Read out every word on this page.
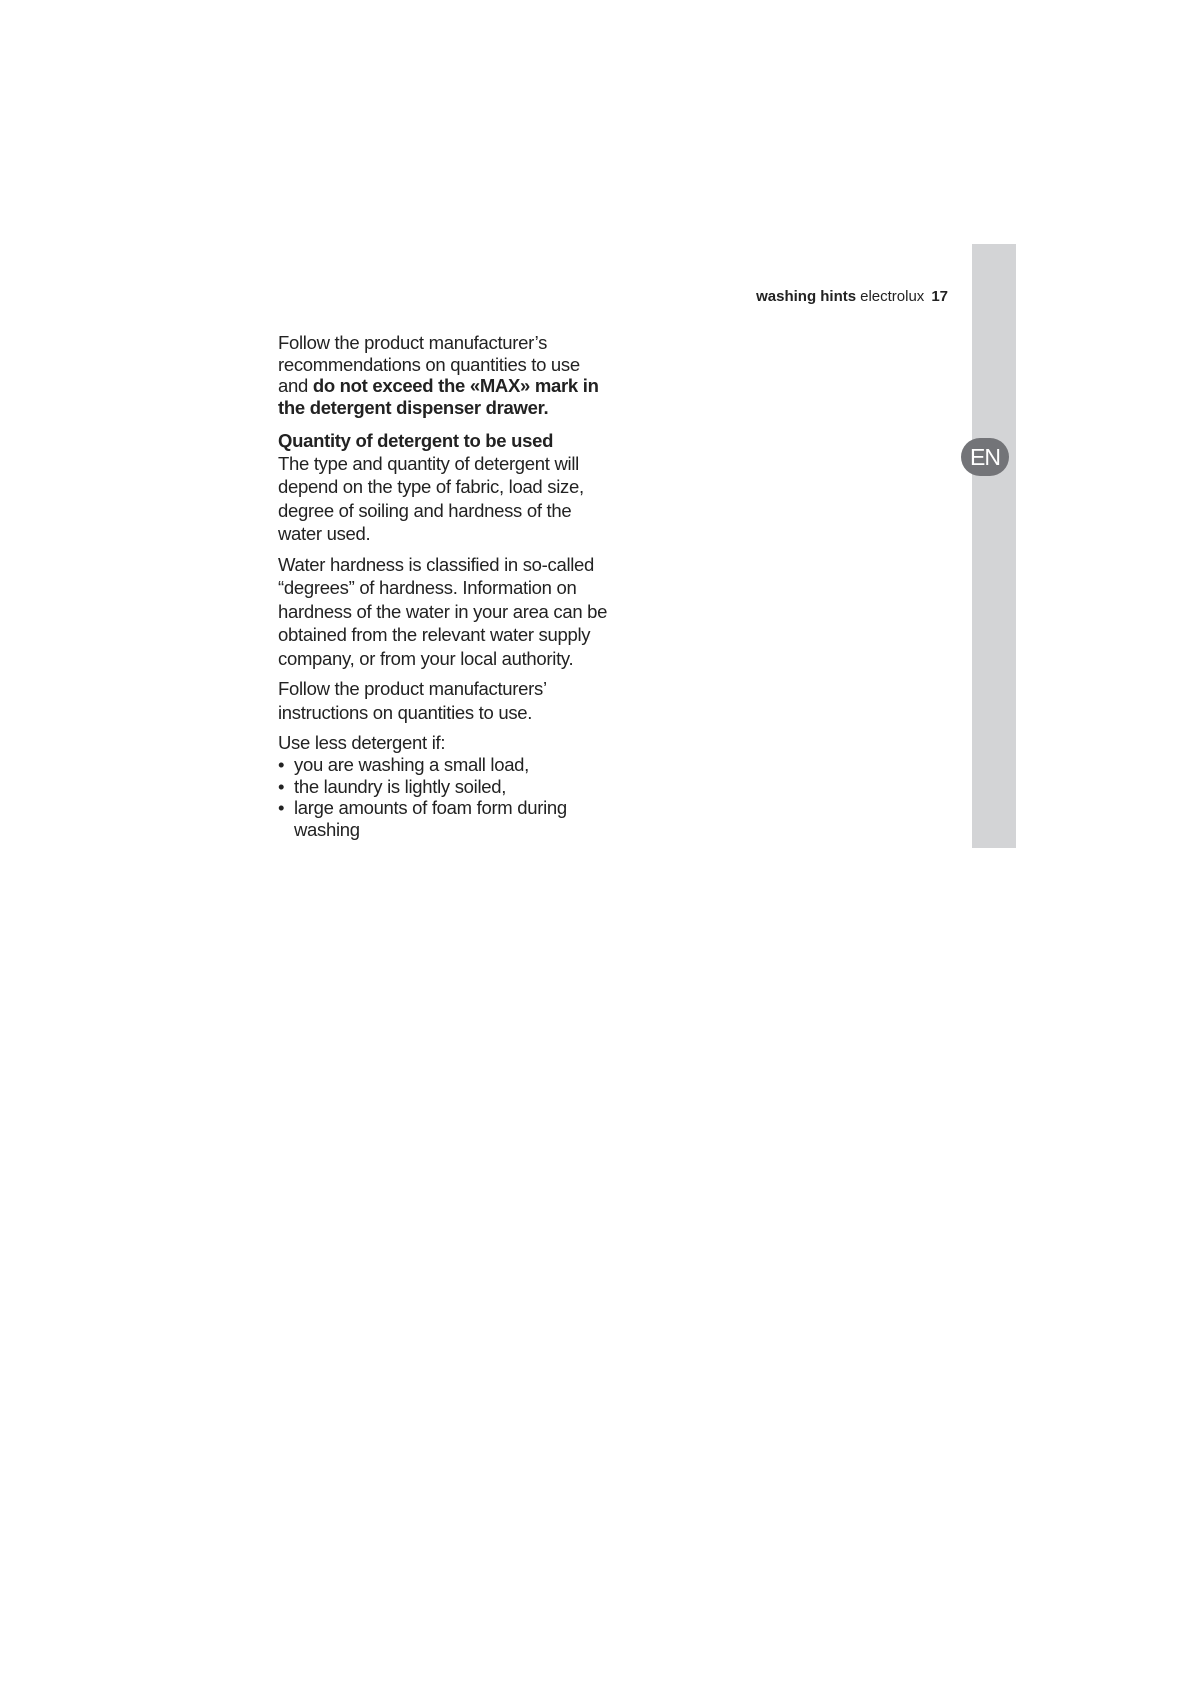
EN
washing hints electrolux 17

Follow the product manufacturer’s recommendations on quantities to use and do not exceed the «MAX» mark in the detergent dispenser drawer.

Quantity of detergent to be used

The type and quantity of detergent will depend on the type of fabric, load size, degree of soiling and hardness of the water used.

Water hardness is classified in so-called “degrees” of hardness. Information on hardness of the water in your area can be obtained from the relevant water supply company, or from your local authority.

Follow the product manufacturers’ instructions on quantities to use.

Use less detergent if:

• you are washing a small load,
• the laundry is lightly soiled,
• large amounts of foam form during washing
